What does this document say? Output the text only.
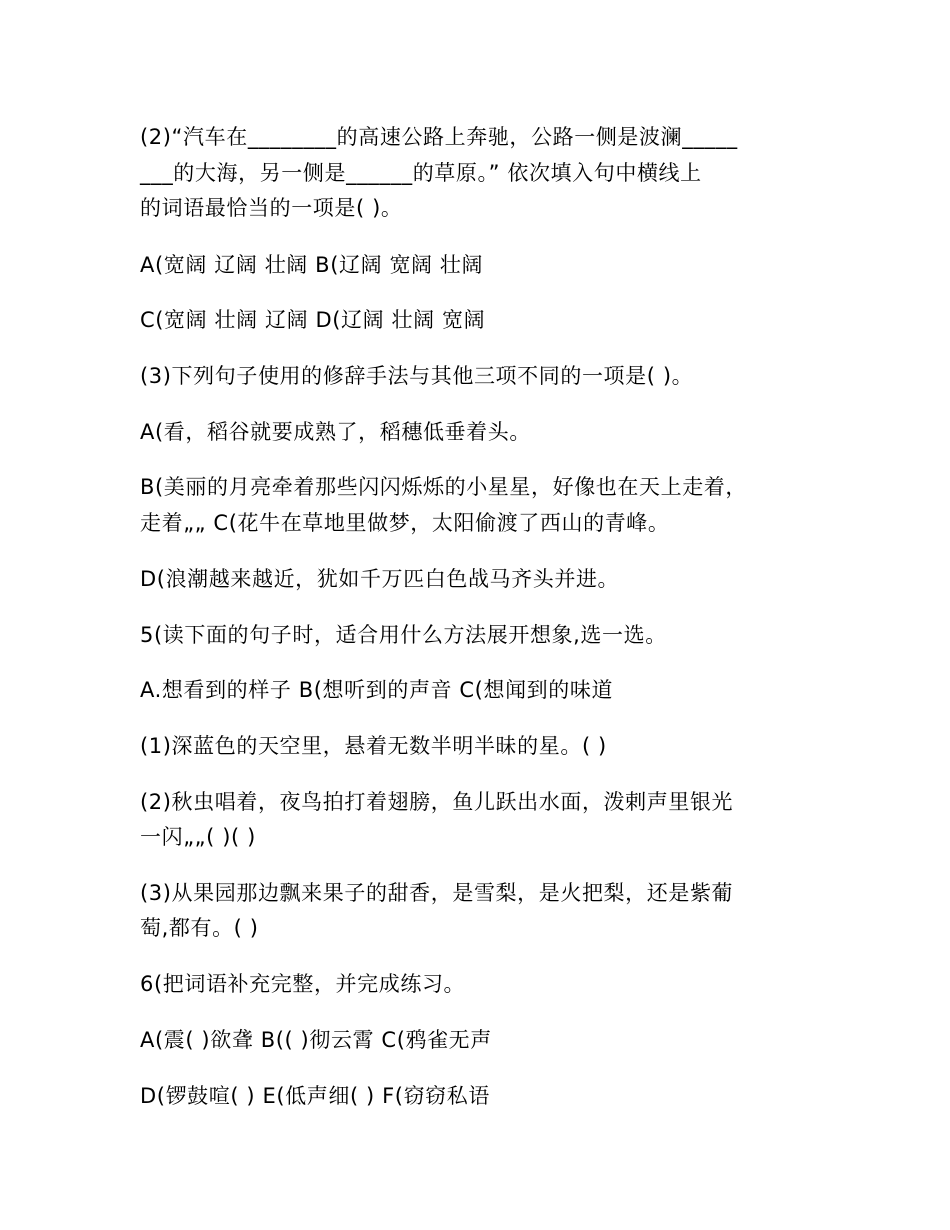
(2)“汽车在________的高速公路上奔驰，公路一侧是波澜_____
___的大海，另一侧是______的草原。” 依次填入句中横线上
的词语最恰当的一项是( )。
A(宽阔 辽阔 壮阔 B(辽阔 宽阔 壮阔
C(宽阔 壮阔 辽阔 D(辽阔 壮阔 宽阔
(3)下列句子使用的修辞手法与其他三项不同的一项是( )。
A(看，稻谷就要成熟了，稻穗低垂着头。
B(美丽的月亮牵着那些闪闪烁烁的小星星，好像也在天上走着，
走着„„ C(花牛在草地里做梦，太阳偷渡了西山的青峰。
D(浪潮越来越近，犹如千万匹白色战马齐头并进。
5(读下面的句子时，适合用什么方法展开想象,选一选。
A.想看到的样子 B(想听到的声音 C(想闻到的味道
(1)深蓝色的天空里，悬着无数半明半昧的星。( )
(2)秋虫唱着，夜鸟拍打着翅膀，鱼儿跃出水面，泼剌声里银光
一闪„„( )( )
(3)从果园那边飘来果子的甜香，是雪梨，是火把梨，还是紫葡
萄,都有。( )
6(把词语补充完整，并完成练习。
A(震( )欲聋 B(( )彻云霄 C(鸦雀无声
D(锣鼓喧( ) E(低声细( ) F(窃窃私语
